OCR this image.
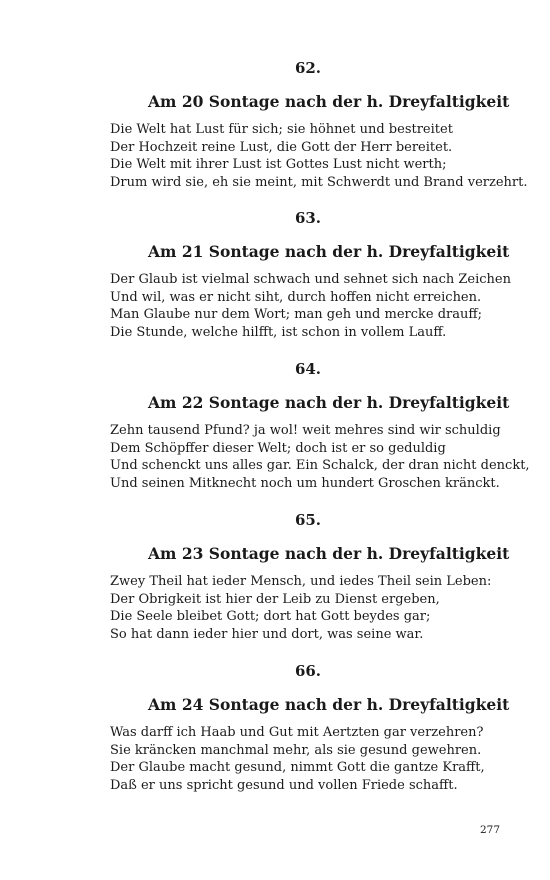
62.
Am 20 Sontage nach der h. Dreyfaltigkeit
Die Welt hat Lust für sich; sie höhnet und bestreitet
Der Hochzeit reine Lust, die Gott der Herr bereitet.
Die Welt mit ihrer Lust ist Gottes Lust nicht werth;
Drum wird sie, eh sie meint, mit Schwerdt und Brand verzehrt.
63.
Am 21 Sontage nach der h. Dreyfaltigkeit
Der Glaub ist vielmal schwach und sehnet sich nach Zeichen
Und wil, was er nicht siht, durch hoffen nicht erreichen.
Man Glaube nur dem Wort; man geh und mercke drauff;
Die Stunde, welche hilfft, ist schon in vollem Lauff.
64.
Am 22 Sontage nach der h. Dreyfaltigkeit
Zehn tausend Pfund? ja wol! weit mehres sind wir schuldig
Dem Schöpffer dieser Welt; doch ist er so geduldig
Und schenckt uns alles gar. Ein Schalck, der dran nicht denckt,
Und seinen Mitknecht noch um hundert Groschen kränckt.
65.
Am 23 Sontage nach der h. Dreyfaltigkeit
Zwey Theil hat ieder Mensch, und iedes Theil sein Leben:
Der Obrigkeit ist hier der Leib zu Dienst ergeben,
Die Seele bleibet Gott; dort hat Gott beydes gar;
So hat dann ieder hier und dort, was seine war.
66.
Am 24 Sontage nach der h. Dreyfaltigkeit
Was darff ich Haab und Gut mit Aertzten gar verzehren?
Sie kräncken manchmal mehr, als sie gesund gewehren.
Der Glaube macht gesund, nimmt Gott die gantze Krafft,
Daß er uns spricht gesund und vollen Friede schafft.
277
